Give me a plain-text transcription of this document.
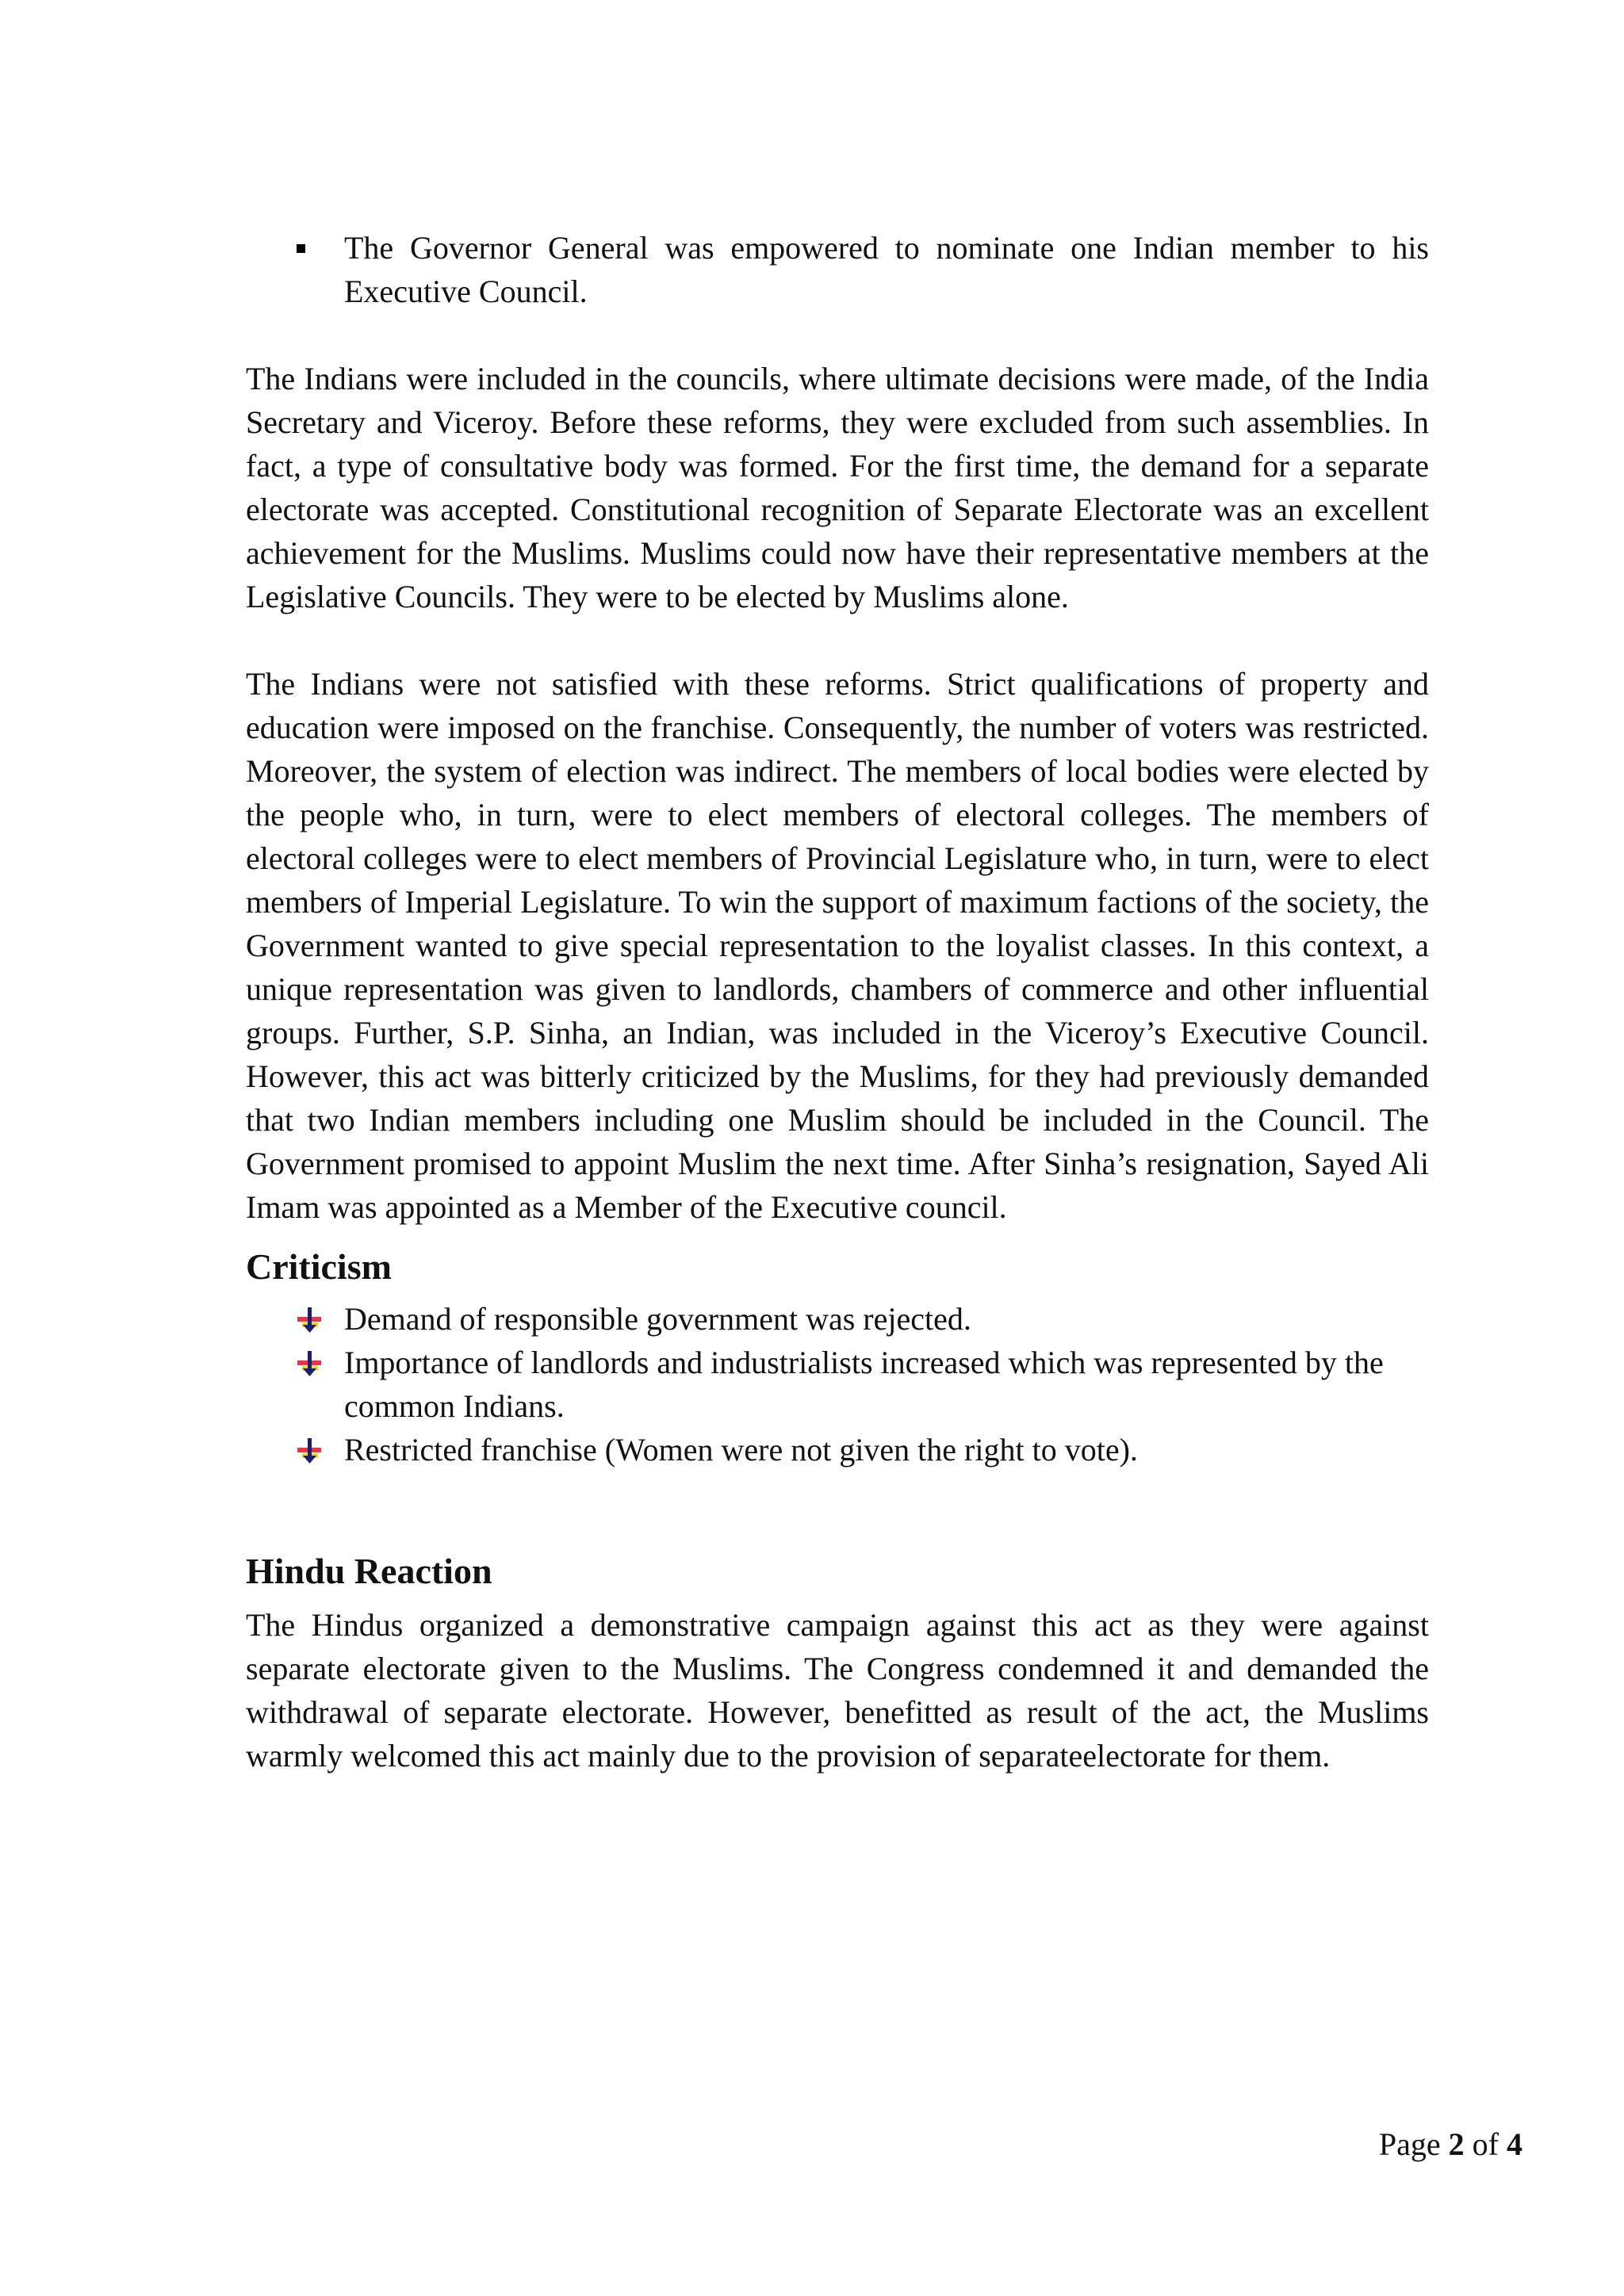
The Governor General was empowered to nominate one Indian member to his Executive Council.

The Indians were included in the councils, where ultimate decisions were made, of the India Secretary and Viceroy. Before these reforms, they were excluded from such assemblies. In fact, a type of consultative body was formed. For the first time, the demand for a separate electorate was accepted. Constitutional recognition of Separate Electorate was an excellent achievement for the Muslims. Muslims could now have their representative members at the Legislative Councils. They were to be elected by Muslims alone.

The Indians were not satisfied with these reforms. Strict qualifications of property and education were imposed on the franchise. Consequently, the number of voters was restricted. Moreover, the system of election was indirect. The members of local bodies were elected by the people who, in turn, were to elect members of electoral colleges. The members of electoral colleges were to elect members of Provincial Legislature who, in turn, were to elect members of Imperial Legislature. To win the support of maximum factions of the society, the Government wanted to give special representation to the loyalist classes. In this context, a unique representation was given to landlords, chambers of commerce and other influential groups. Further, S.P. Sinha, an Indian, was included in the Viceroy’s Executive Council. However, this act was bitterly criticized by the Muslims, for they had previously demanded that two Indian members including one Muslim should be included in the Council. The Government promised to appoint Muslim the next time. After Sinha’s resignation, Sayed Ali Imam was appointed as a Member of the Executive council.

Criticism
Demand of responsible government was rejected.
Importance of landlords and industrialists increased which was represented by the common Indians.
Restricted franchise (Women were not given the right to vote).
Hindu Reaction

The Hindus organized a demonstrative campaign against this act as they were against separate electorate given to the Muslims. The Congress condemned it and demanded the withdrawal of separate electorate. However, benefitted as result of the act, the Muslims warmly welcomed this act mainly due to the provision of separateelectorate for them.

Page 2 of 4
